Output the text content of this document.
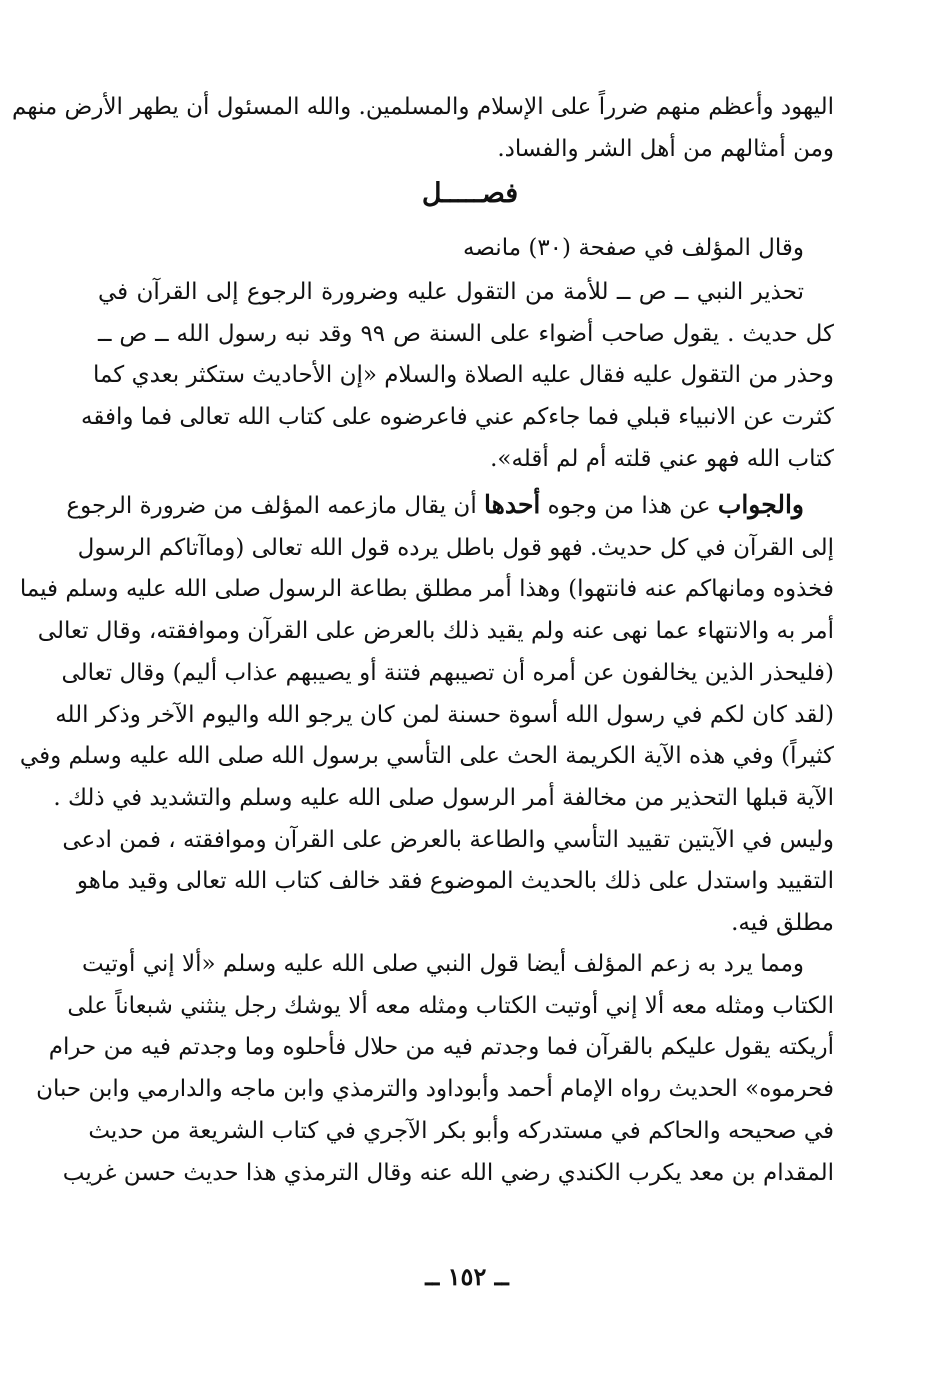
اليهود وأعظم منهم ضرراً على الإسلام والمسلمين. والله المسئول أن يطهر الأرض منهم
ومن أمثالهم من أهل الشر والفساد.
فصـــــل
وقال المؤلف في صفحة (٣٠) مانصه
تحذير النبي ــ ص ــ للأمة من التقول عليه وضرورة الرجوع إلى القرآن في
كل حديث . يقول صاحب أضواء على السنة ص ٩٩ وقد نبه رسول الله ــ ص ــ
وحذر من التقول عليه فقال عليه الصلاة والسلام «إن الأحاديث ستكثر بعدي كما
كثرت عن الانبياء قبلي فما جاءكم عني فاعرضوه على كتاب الله تعالى فما وافقه
كتاب الله فهو عني قلته أم لم أقله».
والجواب عن هذا من وجوه أحدها أن يقال مازعمه المؤلف من ضرورة الرجوع
إلى القرآن في كل حديث. فهو قول باطل يرده قول الله تعالى (وماآتاكم الرسول
فخذوه ومانهاكم عنه فانتهوا) وهذا أمر مطلق بطاعة الرسول صلى الله عليه وسلم فيما
أمر به والانتهاء عما نهى عنه ولم يقيد ذلك بالعرض على القرآن وموافقته، وقال تعالى
(فليحذر الذين يخالفون عن أمره أن تصيبهم فتنة أو يصيبهم عذاب أليم) وقال تعالى
(لقد كان لكم في رسول الله أسوة حسنة لمن كان يرجو الله واليوم الآخر وذكر الله
كثيراً) وفي هذه الآية الكريمة الحث على التأسي برسول الله صلى الله عليه وسلم وفي
الآية قبلها التحذير من مخالفة أمر الرسول صلى الله عليه وسلم والتشديد في ذلك .
وليس في الآيتين تقييد التأسي والطاعة بالعرض على القرآن وموافقته ، فمن ادعى
التقييد واستدل على ذلك بالحديث الموضوع فقد خالف كتاب الله تعالى وقيد ماهو
مطلق فيه.
ومما يرد به زعم المؤلف أيضا قول النبي صلى الله عليه وسلم «ألا إني أوتيت
الكتاب ومثله معه ألا إني أوتيت الكتاب ومثله معه ألا يوشك رجل ينثني شبعاناً على
أريكته يقول عليكم بالقرآن فما وجدتم فيه من حلال فأحلوه وما وجدتم فيه من حرام
فحرموه» الحديث رواه الإمام أحمد وأبوداود والترمذي وابن ماجه والدارمي وابن حبان
في صحيحه والحاكم في مستدركه وأبو بكر الآجري في كتاب الشريعة من حديث
المقدام بن معد يكرب الكندي رضي الله عنه وقال الترمذي هذا حديث حسن غريب
ــ ١٥٢ ــ
